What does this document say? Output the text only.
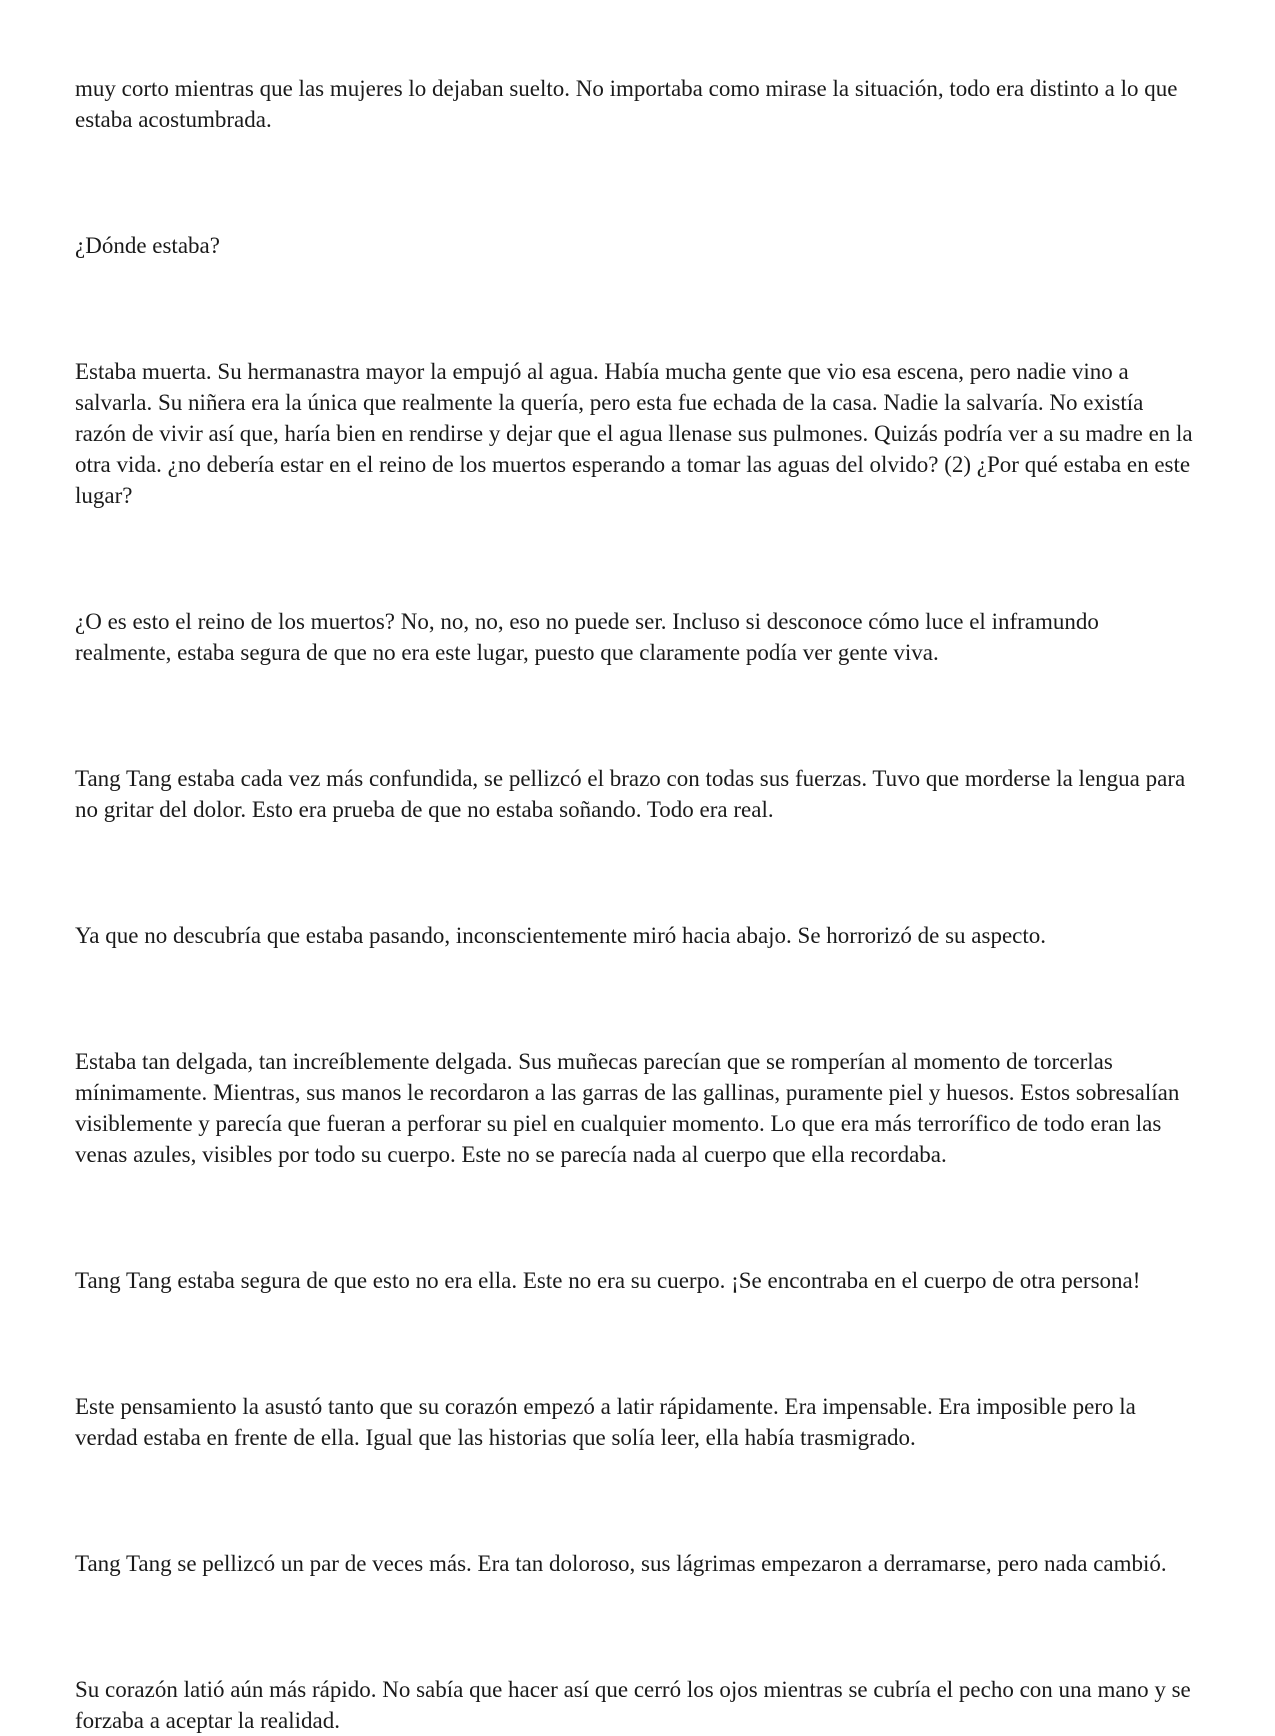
muy corto mientras que las mujeres lo dejaban suelto. No importaba como mirase la situación, todo era distinto a lo que estaba acostumbrada.

¿Dónde estaba?

Estaba muerta. Su hermanastra mayor la empujó al agua. Había mucha gente que vio esa escena, pero nadie vino a salvarla. Su niñera era la única que realmente la quería, pero esta fue echada de la casa. Nadie la salvaría. No existía razón de vivir así que, haría bien en rendirse y dejar que el agua llenase sus pulmones. Quizás podría ver a su madre en la otra vida. ¿no debería estar en el reino de los muertos esperando a tomar las aguas del olvido? (2) ¿Por qué estaba en este lugar?

¿O es esto el reino de los muertos? No, no, no, eso no puede ser. Incluso si desconoce cómo luce el inframundo realmente, estaba segura de que no era este lugar, puesto que claramente podía ver gente viva.

Tang Tang estaba cada vez más confundida, se pellizcó el brazo con todas sus fuerzas. Tuvo que morderse la lengua para no gritar del dolor. Esto era prueba de que no estaba soñando. Todo era real.

Ya que no descubría que estaba pasando, inconscientemente miró hacia abajo. Se horrorizó de su aspecto.

Estaba tan delgada, tan increíblemente delgada. Sus muñecas parecían que se romperían al momento de torcerlas mínimamente. Mientras, sus manos le recordaron a las garras de las gallinas, puramente piel y huesos. Estos sobresalían visiblemente y parecía que fueran a perforar su piel en cualquier momento. Lo que era más terrorífico de todo eran las venas azules, visibles por todo su cuerpo. Este no se parecía nada al cuerpo que ella recordaba.

Tang Tang estaba segura de que esto no era ella. Este no era su cuerpo. ¡Se encontraba en el cuerpo de otra persona!

Este pensamiento la asustó tanto que su corazón empezó a latir rápidamente. Era impensable. Era imposible pero la verdad estaba en frente de ella. Igual que las historias que solía leer, ella había trasmigrado.

Tang Tang se pellizcó un par de veces más. Era tan doloroso, sus lágrimas empezaron a derramarse, pero nada cambió.

Su corazón latió aún más rápido. No sabía que hacer así que cerró los ojos mientras se cubría el pecho con una mano y se forzaba a aceptar la realidad.
